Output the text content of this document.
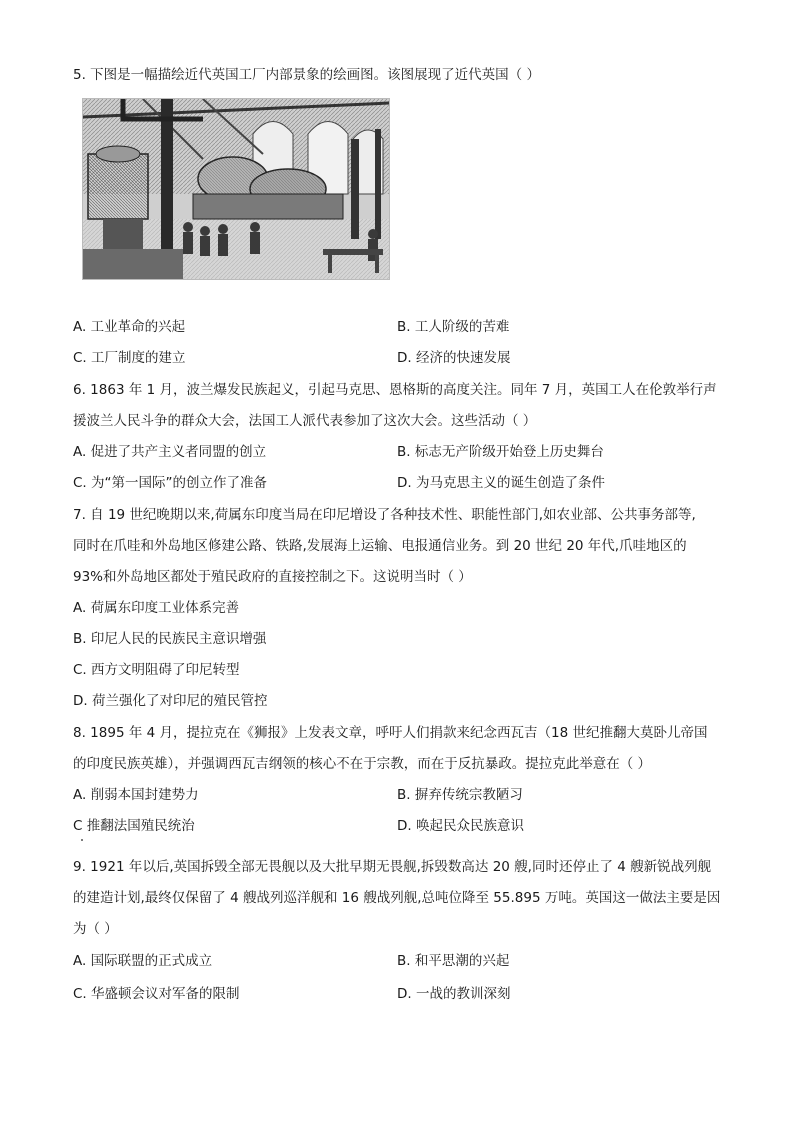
5. 下图是一幅描绘近代英国工厂内部景象的绘画图。该图展现了近代英国（ ）
A. 工业革命的兴起	B. 工人阶级的苦难
C. 工厂制度的建立	D. 经济的快速发展
6. 1863 年 1 月，波兰爆发民族起义，引起马克思、恩格斯的高度关注。同年 7 月，英国工人在伦敦举行声
援波兰人民斗争的群众大会，法国工人派代表参加了这次大会。这些活动（ ）
A. 促进了共产主义者同盟的创立	B. 标志无产阶级开始登上历史舞台
C. 为“第一国际”的创立作了准备	D. 为马克思主义的诞生创造了条件
7. 自 19 世纪晚期以来,荷属东印度当局在印尼增设了各种技术性、职能性部门,如农业部、公共事务部等,
同时在爪哇和外岛地区修建公路、铁路,发展海上运输、电报通信业务。到 20 世纪 20 年代,爪哇地区的
93%和外岛地区都处于殖民政府的直接控制之下。这说明当时（ ）
A. 荷属东印度工业体系完善
B. 印尼人民的民族民主意识增强
C. 西方文明阻碍了印尼转型
D. 荷兰强化了对印尼的殖民管控
8. 1895 年 4 月，提拉克在《狮报》上发表文章，呼吁人们捐款来纪念西瓦吉（18 世纪推翻大莫卧儿帝国
的印度民族英雄），并强调西瓦吉纲领的核心不在于宗教，而在于反抗暴政。提拉克此举意在（ ）
A. 削弱本国封建势力	B. 摒弃传统宗教陋习
C 推翻法国殖民统治	D. 唤起民众民族意识
9. 1921 年以后,英国拆毁全部无畏舰以及大批早期无畏舰,拆毁数高达 20 艘,同时还停止了 4 艘新锐战列舰
的建造计划,最终仅保留了 4 艘战列巡洋舰和 16 艘战列舰,总吨位降至 55.895 万吨。英国这一做法主要是因
为（ ）
A. 国际联盟的正式成立	B. 和平思潮的兴起
C. 华盛顿会议对军备的限制	D. 一战的教训深刻
